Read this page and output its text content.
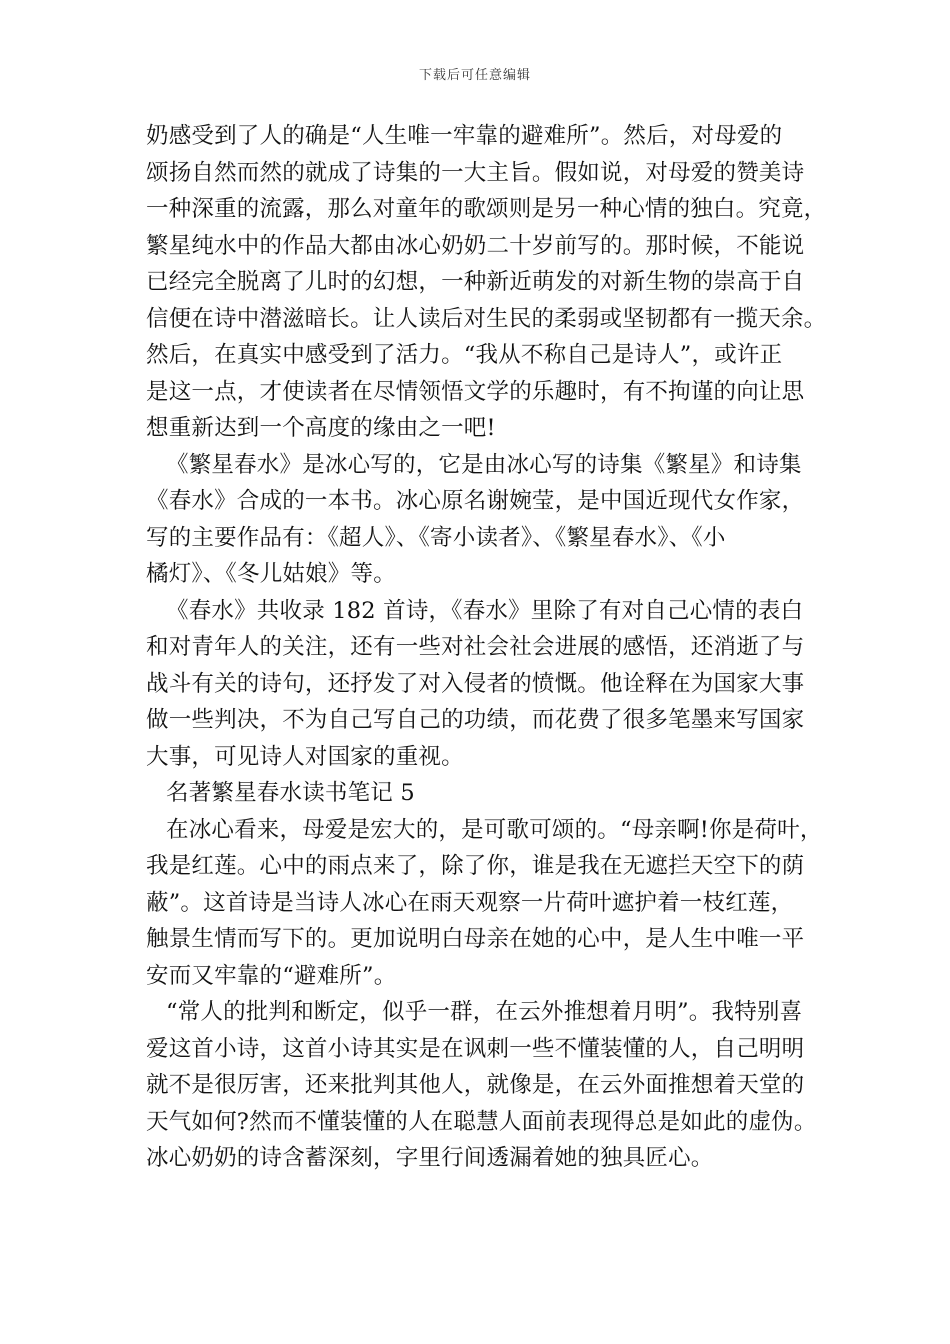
下载后可任意编辑
奶感受到了人的确是“人生唯一牢靠的避难所”。然后，对母爱的
颂扬自然而然的就成了诗集的一大主旨。假如说，对母爱的赞美诗
一种深重的流露，那么对童年的歌颂则是另一种心情的独白。究竟，
繁星纯水中的作品大都由冰心奶奶二十岁前写的。那时候，不能说
已经完全脱离了儿时的幻想，一种新近萌发的对新生物的崇高于自
信便在诗中潜滋暗长。让人读后对生民的柔弱或坚韧都有一揽天余。
然后，在真实中感受到了活力。“我从不称自己是诗人”，或许正
是这一点，才使读者在尽情领悟文学的乐趣时，有不拘谨的向让思
想重新达到一个高度的缘由之一吧!
《繁星春水》是冰心写的，它是由冰心写的诗集《繁星》和诗集
《春水》合成的一本书。冰心原名谢婉莹，是中国近现代女作家，
写的主要作品有：《超人》、《寄小读者》、《繁星春水》、《小
橘灯》、《冬儿姑娘》等。
《春水》共收录 182 首诗，《春水》里除了有对自己心情的表白
和对青年人的关注，还有一些对社会社会进展的感悟，还消逝了与
战斗有关的诗句，还抒发了对入侵者的愤慨。他诠释在为国家大事
做一些判决，不为自己写自己的功绩，而花费了很多笔墨来写国家
大事，可见诗人对国家的重视。
名著繁星春水读书笔记 5
在冰心看来，母爱是宏大的，是可歌可颂的。“母亲啊!你是荷叶，
我是红莲。心中的雨点来了，除了你，谁是我在无遮拦天空下的荫
蔽”。这首诗是当诗人冰心在雨天观察一片荷叶遮护着一枝红莲，
触景生情而写下的。更加说明白母亲在她的心中，是人生中唯一平
安而又牢靠的“避难所”。
“常人的批判和断定，似乎一群，在云外推想着月明”。我特别喜
爱这首小诗，这首小诗其实是在讽刺一些不懂装懂的人，自己明明
就不是很厉害，还来批判其他人，就像是，在云外面推想着天堂的
天气如何?然而不懂装懂的人在聪慧人面前表现得总是如此的虚伪。
冰心奶奶的诗含蓄深刻，字里行间透漏着她的独具匠心。
